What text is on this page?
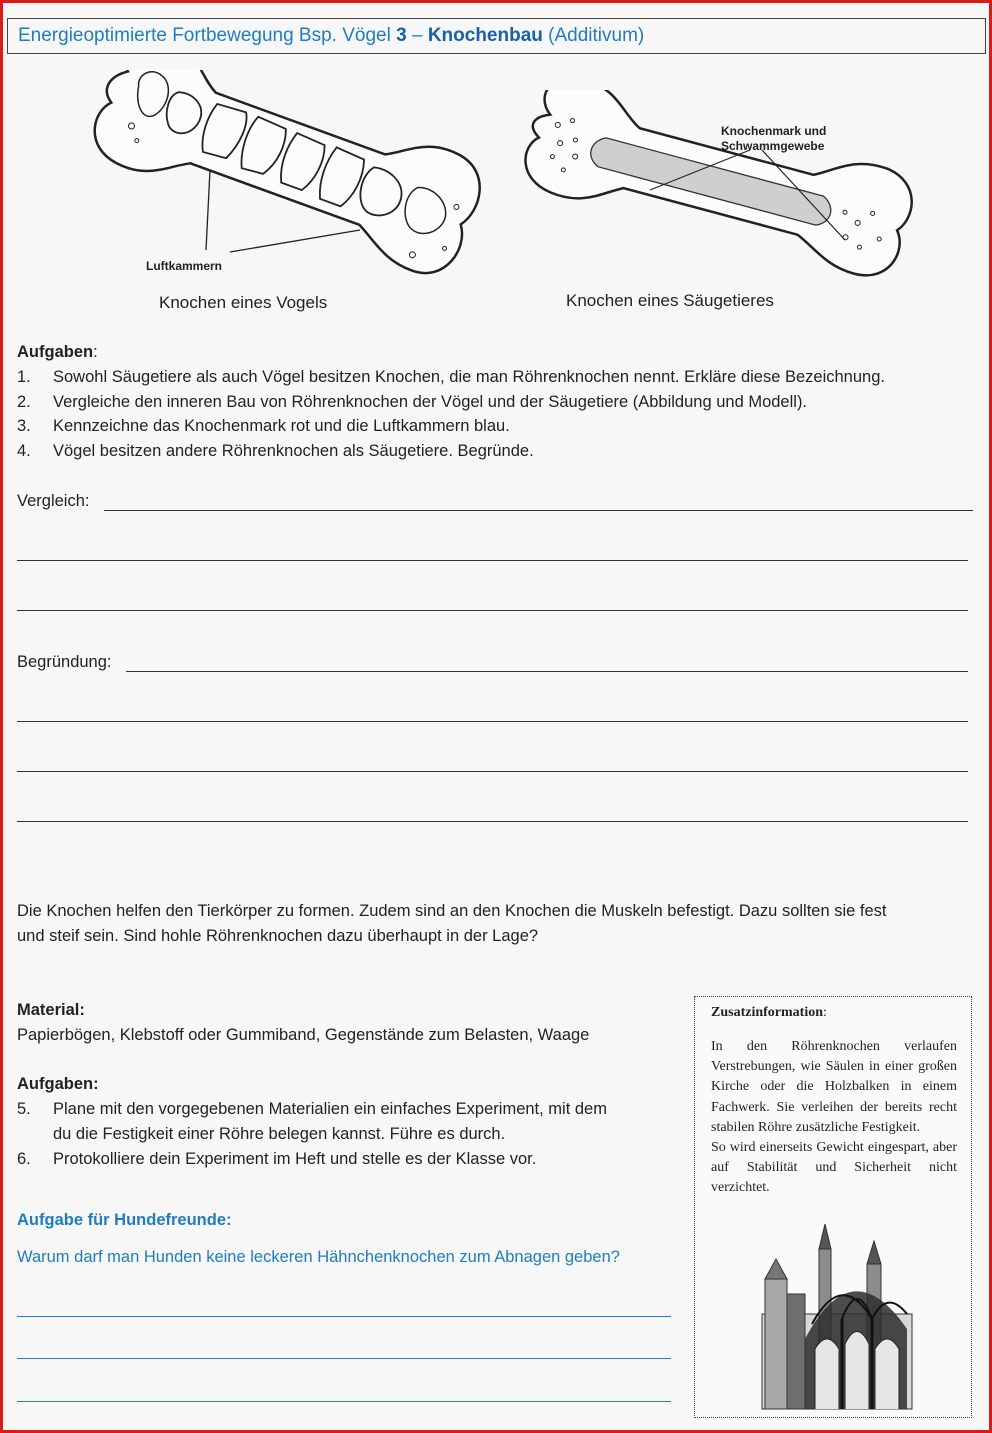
Energieoptimierte Fortbewegung Bsp. Vögel 3 – Knochenbau (Additivum)
Luftkammern
Knochen eines Vogels
Knochenmark und
Schwammgewebe
Knochen eines Säugetieres
Aufgaben:
1.	Sowohl Säugetiere als auch Vögel besitzen Knochen, die man Röhrenknochen nennt. Erkläre diese Bezeichnung.
2.	Vergleiche den inneren Bau von Röhrenknochen der Vögel und der Säugetiere (Abbildung und Modell).
3.	Kennzeichne das Knochenmark rot und die Luftkammern blau.
4.	Vögel besitzen andere Röhrenknochen als Säugetiere. Begründe.
Vergleich:
Begründung:
Die Knochen helfen den Tierkörper zu formen. Zudem sind an den Knochen die Muskeln befestigt. Dazu sollten sie fest
und steif sein. Sind hohle Röhrenknochen dazu überhaupt in der Lage?
Material:
Papierbögen, Klebstoff oder Gummiband, Gegenstände zum Belasten, Waage
Aufgaben:
5.	Plane mit den vorgegebenen Materialien ein einfaches Experiment, mit dem
du die Festigkeit einer Röhre belegen kannst. Führe es durch.
6.	Protokolliere dein Experiment im Heft und stelle es der Klasse vor.
Aufgabe für Hundefreunde:
Warum darf man Hunden keine leckeren Hähnchenknochen zum Abnagen geben?
Zusatzinformation:
In den Röhrenknochen verlaufen Verstrebungen, wie Säulen in einer großen Kirche oder die Holzbalken in einem Fachwerk. Sie verleihen der bereits recht stabilen Röhre zusätzliche Festigkeit.
So wird einerseits Gewicht eingespart, aber auf Stabilität und Sicherheit nicht verzichtet.
